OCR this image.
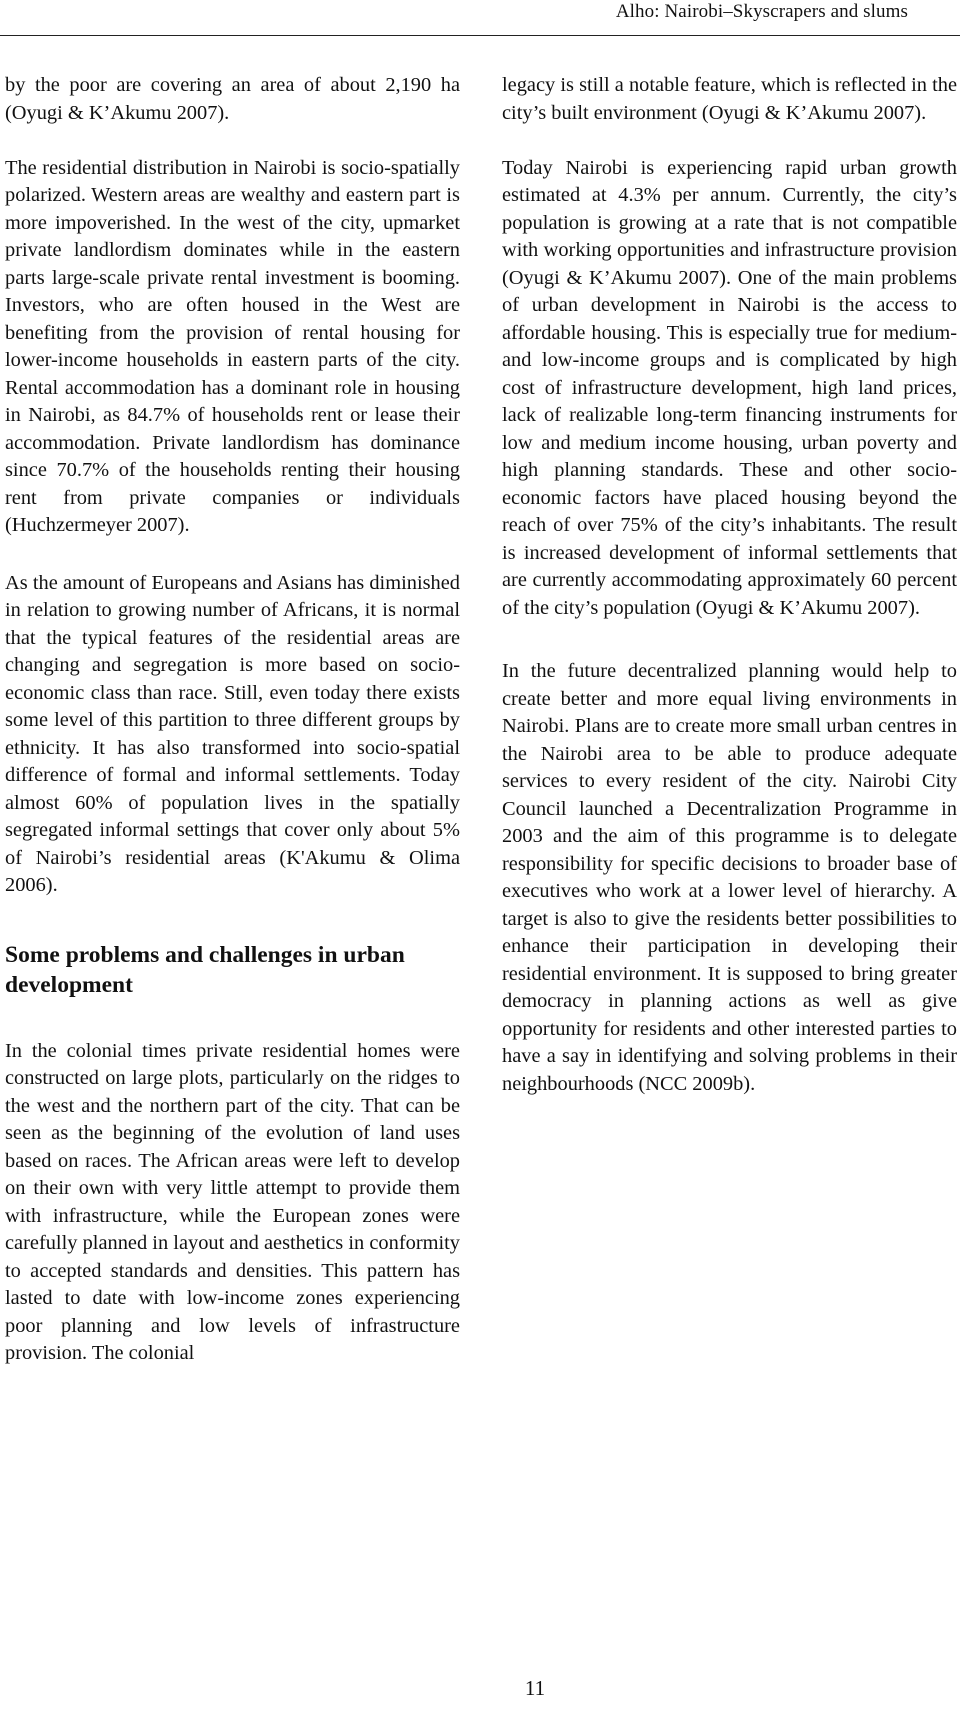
Alho: Nairobi–Skyscrapers and slums

by the poor are covering an area of about 2,190 ha (Oyugi & K’Akumu 2007).

The residential distribution in Nairobi is socio-spatially polarized. Western areas are wealthy and eastern part is more impoverished. In the west of the city, upmarket private landlordism dominates while in the eastern parts large-scale private rental investment is booming. Investors, who are often housed in the West are benefiting from the provision of rental housing for lower-income households in eastern parts of the city. Rental accommodation has a dominant role in housing in Nairobi, as 84.7% of households rent or lease their accommodation. Private landlordism has dominance since 70.7% of the households renting their housing rent from private companies or individuals (Huchzermeyer 2007).

As the amount of Europeans and Asians has diminished in relation to growing number of Africans, it is normal that the typical features of the residential areas are changing and segregation is more based on socio-economic class than race. Still, even today there exists some level of this partition to three different groups by ethnicity. It has also transformed into socio-spatial difference of formal and informal settlements. Today almost 60% of population lives in the spatially segregated informal settings that cover only about 5% of Nairobi’s residential areas (K'Akumu & Olima 2006).

Some problems and challenges in urban development

In the colonial times private residential homes were constructed on large plots, particularly on the ridges to the west and the northern part of the city. That can be seen as the beginning of the evolution of land uses based on races. The African areas were left to develop on their own with very little attempt to provide them with infrastructure, while the European zones were carefully planned in layout and aesthetics in conformity to accepted standards and densities. This pattern has lasted to date with low-income zones experiencing poor planning and low levels of infrastructure provision. The colonial

legacy is still a notable feature, which is reflected in the city’s built environment (Oyugi & K’Akumu 2007).

Today Nairobi is experiencing rapid urban growth estimated at 4.3% per annum. Currently, the city’s population is growing at a rate that is not compatible with working opportunities and infrastructure provision (Oyugi & K’Akumu 2007). One of the main problems of urban development in Nairobi is the access to affordable housing. This is especially true for medium- and low-income groups and is complicated by high cost of infrastructure development, high land prices, lack of realizable long-term financing instruments for low and medium income housing, urban poverty and high planning standards. These and other socio-economic factors have placed housing beyond the reach of over 75% of the city’s inhabitants. The result is increased development of informal settlements that are currently accommodating approximately 60 percent of the city’s population (Oyugi & K’Akumu 2007).

In the future decentralized planning would help to create better and more equal living environments in Nairobi. Plans are to create more small urban centres in the Nairobi area to be able to produce adequate services to every resident of the city. Nairobi City Council launched a Decentralization Programme in 2003 and the aim of this programme is to delegate responsibility for specific decisions to broader base of executives who work at a lower level of hierarchy. A target is also to give the residents better possibilities to enhance their participation in developing their residential environment. It is supposed to bring greater democracy in planning actions as well as give opportunity for residents and other interested parties to have a say in identifying and solving problems in their neighbourhoods (NCC 2009b).

11
